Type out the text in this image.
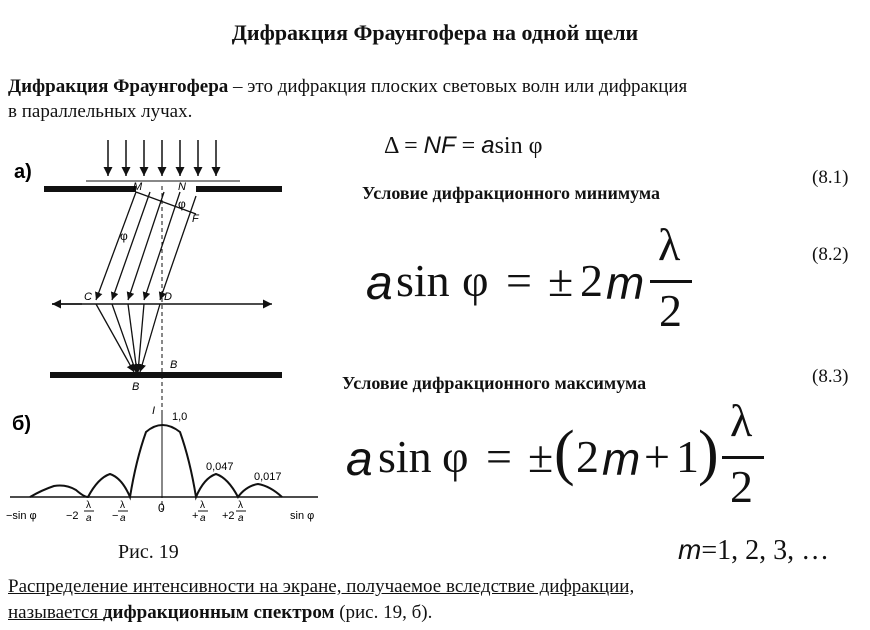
Дифракция Фраунгофера на одной щели
Дифракция Фраунгофера – это дифракция плоских световых волн или дифракция
в параллельных лучах.
Δ = NF = asin φ
(8.1)
Условие дифракционного минимума
(8.2)
a sin φ = ± 2 m
λ
2
Условие дифракционного максимума	(8.3)
a sin φ = ± ( 2 m + 1 ) λ
2
m=1, 2, 3, …
а)
б)
M	N
F
φ
φ
C	D
B
B
I 1,0
0,047
0,017
−sin φ	sin φ
0
−2
λ
a −
λ
a	+
λ
a +2
λ
a
Рис. 19
Распределение интенсивности на экране, получаемое вследствие дифракции,
называется дифракционным спектром (рис. 19, б).
